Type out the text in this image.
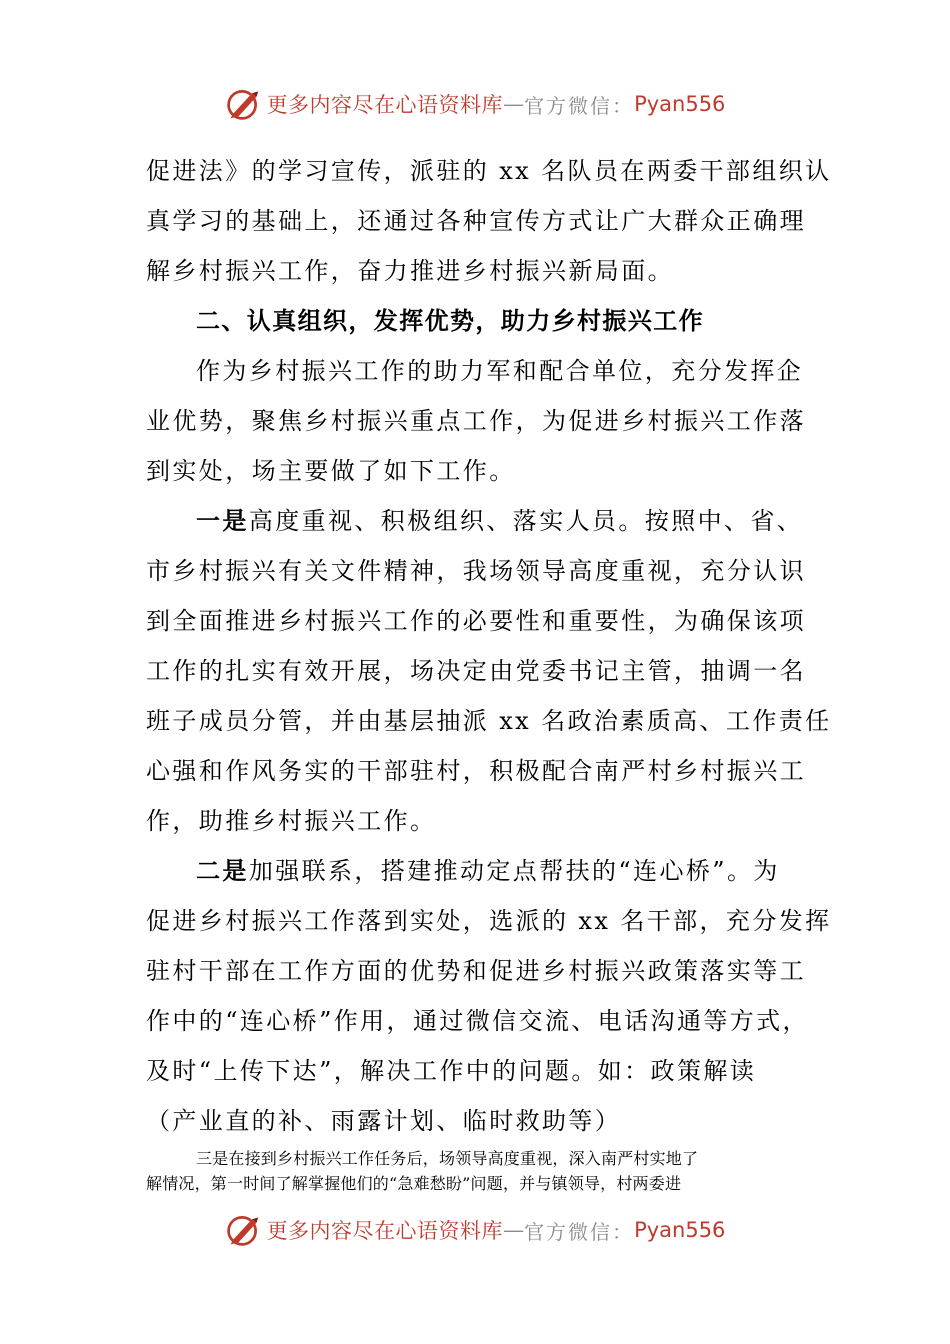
更多内容尽在心语资料库 — 官方微信： Pyan556
促进法》的学习宣传，派驻的 xx 名队员在两委干部组织认
真学习的基础上，还通过各种宣传方式让广大群众正确理
解乡村振兴工作，奋力推进乡村振兴新局面。
二、认真组织，发挥优势，助力乡村振兴工作
作为乡村振兴工作的助力军和配合单位，充分发挥企
业优势，聚焦乡村振兴重点工作，为促进乡村振兴工作落
到实处，场主要做了如下工作。
一是高度重视、积极组织、落实人员。按照中、省、
市乡村振兴有关文件精神，我场领导高度重视，充分认识
到全面推进乡村振兴工作的必要性和重要性，为确保该项
工作的扎实有效开展，场决定由党委书记主管，抽调一名
班子成员分管，并由基层抽派 xx 名政治素质高、工作责任
心强和作风务实的干部驻村，积极配合南严村乡村振兴工
作，助推乡村振兴工作。
二是加强联系，搭建推动定点帮扶的“连心桥”。为
促进乡村振兴工作落到实处，选派的 xx 名干部，充分发挥
驻村干部在工作方面的优势和促进乡村振兴政策落实等工
作中的“连心桥”作用，通过微信交流、电话沟通等方式，
及时“上传下达”，解决工作中的问题。如：政策解读
（产业直的补、雨露计划、临时救助等）
三是在接到乡村振兴工作任务后，场领导高度重视，深入南严村实地了
解情况，第一时间了解掌握他们的“急难愁盼”问题，并与镇领导，村两委进
更多内容尽在心语资料库 — 官方微信： Pyan556
